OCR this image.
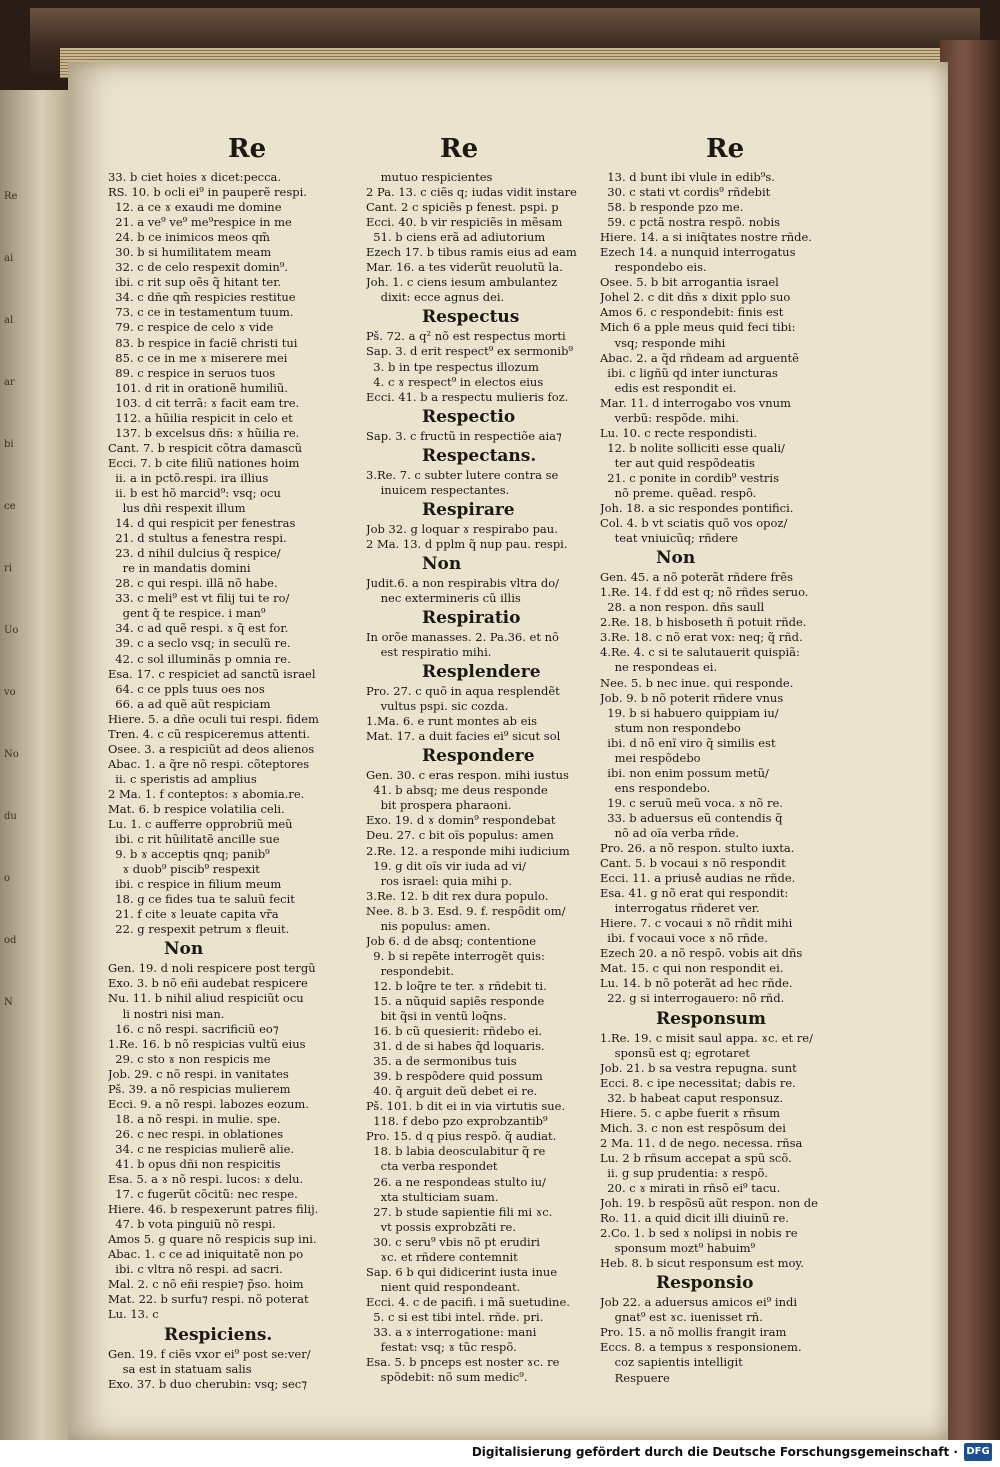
Re
ai
al
ar
bi
ce
ri
Uo
vo
No
du
o
od
N
Re	Re	Re
33. b ciet hoies ɤ dicet:pecca.
RS. 10. b ocli ei⁹ in pauperẽ respi.
12. a ce ɤ exaudi me domine
21. a ve⁹ ve⁹ me⁹respice in me
24. b ce inimicos meos qm̃
30. b si humilitatem meam
32. c de celo respexit domin⁹.
ibi. c rit sup oẽs q̃ hitant ter.
34. c dñe qm̃ respicies restitue
73. c ce in testamentum tuum.
79. c respice de celo ɤ vide
83. b respice in faciẽ christi tui
85. c ce in me ɤ miserere mei
89. c respice in seruos tuos
101. d rit in orationẽ humiliũ.
103. d cit terrã: ɤ facit eam tre.
112. a hũilia respicit in celo et
137. b excelsus dñs: ɤ hũilia re.
Cant. 7. b respicit cõtra damascũ
Ecci. 7. b cite filiũ nationes hoim
ii. a in pctõ.respi. ira illius
ii. b est hõ marcid⁹: vsq; ocu
lus dñi respexit illum
14. d qui respicit per fenestras
21. d stultus a fenestra respi.
23. d nihil dulcius q̃ respice/
re in mandatis domini
28. c qui respi. illã nõ habe.
33. c meli⁹ est vt filij tui te ro/
gent q̃ te respice. i man⁹
34. c ad quẽ respi. ɤ q̃ est for.
39. c a seclo vsq; in seculũ re.
42. c sol illuminãs p omnia re.
Esa. 17. c respiciet ad sanctũ israel
64. c ce ppls tuus oes nos
66. a ad quẽ aũt respiciam
Hiere. 5. a dñe oculi tui respi. fidem
Tren. 4. c cũ respiceremus attenti.
Osee. 3. a respiciũt ad deos alienos
Abac. 1. a q̃re nõ respi. cõteptores
ii. c speristis ad amplius
2 Ma. 1. f conteptos: ɤ abomia.re.
Mat. 6. b respice volatilia celi.
Lu. 1. c aufferre opprobriũ meũ
ibi. c rit hũilitatẽ ancille sue
9. b ɤ acceptis qnq; panib⁹
ɤ duob⁹ piscib⁹ respexit
ibi. c respice in filium meum
18. g ce fides tua te saluũ fecit
21. f cite ɤ leuate capita vr̃a
22. g respexit petrum ɤ fleuit.
Non
Gen. 19. d noli respicere post tergũ
Exo. 3. b nõ eñi audebat respicere
Nu. 11. b nihil aliud respiciũt ocu
li nostri nisi man.
16. c nõ respi. sacrificiũ eo⁊
1.Re. 16. b nõ respicias vultũ eius
29. c sto ɤ non respicis me
Job. 29. c nõ respi. in vanitates
Pš. 39. a nõ respicias mulierem
Ecci. 9. a nõ respi. labozes eozum.
18. a nõ respi. in mulie. spe.
26. c nec respi. in oblationes
34. c ne respicias mulierẽ alie.
41. b opus dñi non respicitis
Esa. 5. a ɤ nõ respi. lucos: ɤ delu.
17. c fugerũt cõcitũ: nec respe.
Hiere. 46. b respexerunt patres filij.
47. b vota pinguiũ nõ respi.
Amos 5. g quare nõ respicis sup ini.
Abac. 1. c ce ad iniquitatẽ non po
ibi. c vltra nõ respi. ad sacri.
Mal. 2. c nõ eñi respie⁊ p̃so. hoim
Mat. 22. b surfu⁊ respi. nõ poterat
Lu. 13. c
Respiciens.
Gen. 19. f ciẽs vxor ei⁹ post se:ver/
sa est in statuam salis
Exo. 37. b duo cherubin: vsq; sec⁊
mutuo respicientes
2 Pa. 13. c ciẽs q; iudas vidit instare
Cant. 2 c spiciẽs p fenest. pspi. p
Ecci. 40. b vir respiciẽs in mẽsam
51. b ciens erã ad adiutorium
Ezech 17. b tibus ramis eius ad eam
Mar. 16. a tes viderũt reuolutũ la.
Joh. 1. c ciens iesum ambulantez
dixit: ecce agnus dei.
Respectus
Pš. 72. a q² nõ est respectus morti
Sap. 3. d erit respect⁹ ex sermonib⁹
3. b in tpe respectus illozum
4. c ɤ respect⁹ in electos eius
Ecci. 41. b a respectu mulieris foz.
Respectio
Sap. 3. c fructũ in respectiõe aia⁊
Respectans.
3.Re. 7. c subter lutere contra se
inuicem respectantes.
Respirare
Job 32. g loquar ɤ respirabo pau.
2 Ma. 13. d pplm q̃ nup pau. respi.
Non
Judit.6. a non respirabis vltra do/
nec extermineris cũ illis
Respiratio
In orõe manasses. 2. Pa.36. et nõ
est respiratio mihi.
Resplendere
Pro. 27. c quõ in aqua resplendẽt
vultus pspi. sic cozda.
1.Ma. 6. e runt montes ab eis
Mat. 17. a duit facies ei⁹ sicut sol
Respondere
Gen. 30. c eras respon. mihi iustus
41. b absq; me deus responde
bit prospera pharaoni.
Exo. 19. d ɤ domin⁹ respondebat
Deu. 27. c bit oĩs populus: amen
2.Re. 12. a responde mihi iudicium
19. g dit oĩs vir iuda ad vi/
ros israel: quia mihi p.
3.Re. 12. b dit rex dura populo.
Nee. 8. b 3. Esd. 9. f. respõdit om/
nis populus: amen.
Job 6. d de absq; contentione
9. b si repẽte interrogẽt quis:
respondebit.
12. b loq̃re te ter. ɤ rñdebit ti.
15. a nũquid sapiẽs responde
bit q̃si in ventũ loq̃ns.
16. b cũ quesierit: rñdebo ei.
31. d de si habes q̃d loquaris.
35. a de sermonibus tuis
39. b respõdere quid possum
40. q̃ arguit deũ debet ei re.
Pš. 101. b dit ei in via virtutis sue.
118. f debo pzo exprobzantib⁹
Pro. 15. d q pius respõ. q̃ audiat.
18. b labia deosculabitur q̃ re
cta verba respondet
26. a ne respondeas stulto iu/
xta stulticiam suam.
27. b stude sapientie fili mi ɤc.
vt possis exprobzãti re.
30. c seru⁹ vbis nõ pt erudiri
ɤc. et rñdere contemnit
Sap. 6 b qui didicerint iusta inue
nient quid respondeant.
Ecci. 4. c de pacifi. i mã suetudine.
5. c si est tibi intel. rñde. pri.
33. a ɤ interrogatione: mani
festat: vsq; ɤ tũc respõ.
Esa. 5. b pnceps est noster ɤc. re
spõdebit: nõ sum medic⁹.
13. d bunt ibi vlule in edib⁹s.
30. c stati vt cordis⁹ rñdebit
58. b responde pzo me.
59. c pctã nostra respõ. nobis
Hiere. 14. a si iniq̃tates nostre rñde.
Ezech 14. a nunquid interrogatus
respondebo eis.
Osee. 5. b bit arrogantia israel
Johel 2. c dit dñs ɤ dixit pplo suo
Amos 6. c respondebit: finis est
Mich 6 a pple meus quid feci tibi:
vsq; responde mihi
Abac. 2. a q̃d rñdeam ad arguentẽ
ibi. c ligñũ qd inter iuncturas
edis est respondit ei.
Mar. 11. d interrogabo vos vnum
verbũ: respõde. mihi.
Lu. 10. c recte respondisti.
12. b nolite solliciti esse quali/
ter aut quid respõdeatis
21. c ponite in cordib⁹ vestris
nõ preme. quẽad. respõ.
Joh. 18. a sic respondes pontifici.
Col. 4. b vt sciatis quõ vos opoz/
teat vniuicũq; rñdere
Non
Gen. 45. a nõ poterãt rñdere frẽs
1.Re. 14. f dd est q; nõ rñdes seruo.
28. a non respon. dñs saull
2.Re. 18. b hisboseth ñ potuit rñde.
3.Re. 18. c nõ erat vox: neq; q̃ rñd.
4.Re. 4. c si te salutauerit quispiã:
ne respondeas ei.
Nee. 5. b nec inue. qui responde.
Job. 9. b nõ poterit rñdere vnus
19. b si habuero quippiam iu/
stum non respondebo
ibi. d nõ enĩ viro q̃ similis est
mei respõdebo
ibi. non enim possum metũ/
ens respondebo.
19. c seruũ meũ voca. ɤ nõ re.
33. b aduersus eũ contendis q̃
nõ ad oĩa verba rñde.
Pro. 26. a nõ respon. stulto iuxta.
Cant. 5. b vocaui ɤ nõ respondit
Ecci. 11. a priuse̽ audias ne rñde.
Esa. 41. g nõ erat qui respondit:
interrogatus rñderet ver.
Hiere. 7. c vocaui ɤ nõ rñdit mihi
ibi. f vocaui voce ɤ nõ rñde.
Ezech 20. a nõ respõ. vobis ait dñs
Mat. 15. c qui non respondit ei.
Lu. 14. b nõ poterãt ad hec rñde.
22. g si interrogauero: nõ rñd.
Responsum
1.Re. 19. c misit saul appa. ɤc. et re/
sponsũ est q; egrotaret
Job. 21. b sa vestra repugna. sunt
Ecci. 8. c ipe necessitat; dabis re.
32. b habeat caput responsuz.
Hiere. 5. c apbe fuerit ɤ rñsum
Mich. 3. c non est respõsum dei
2 Ma. 11. d de nego. necessa. rñsa
Lu. 2 b rñsum accepat a spũ scõ.
ii. g sup prudentia: ɤ respõ.
20. c ɤ mirati in rñsõ ei⁹ tacu.
Joh. 19. b respõsũ aũt respon. non de
Ro. 11. a quid dicit illi diuinũ re.
2.Co. 1. b sed ɤ nolipsi in nobis re
sponsum mozt⁹ habuim⁹
Heb. 8. b sicut responsum est moy.
Responsio
Job 22. a aduersus amicos ei⁹ indi
gnat⁹ est ɤc. iuenisset rñ.
Pro. 15. a nõ mollis frangit iram
Eccs. 8. a tempus ɤ responsionem.
coz sapientis intelligit
Respuere
Digitalisierung gefördert durch die Deutsche Forschungsgemeinschaft · DFG
